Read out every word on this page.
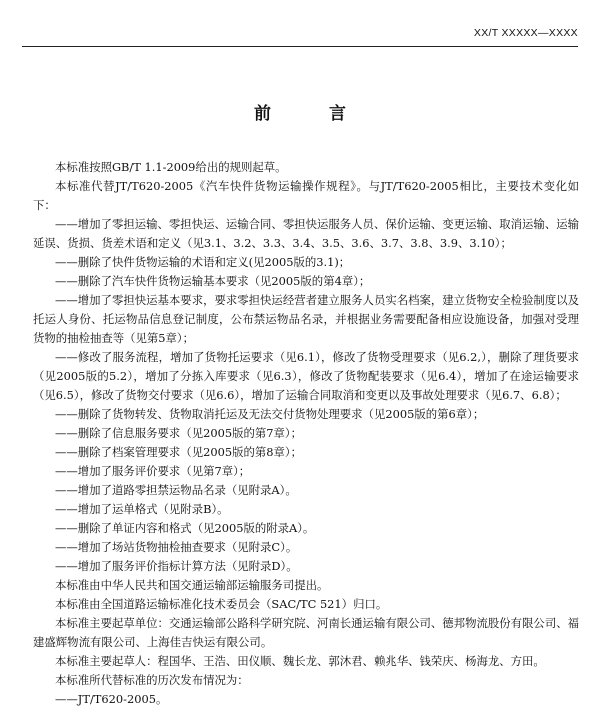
XX/T XXXXX—XXXX
前 言

本标准按照GB/T 1.1-2009给出的规则起草。

本标准代替JT/T620-2005《汽车快件货物运输操作规程》。与JT/T620-2005相比，主要技术变化如下：

——增加了零担运输、零担快运、运输合同、零担快运服务人员、保价运输、变更运输、取消运输、运输延误、货损、货差术语和定义（见3.1、3.2、3.3、3.4、3.5、3.6、3.7、3.8、3.9、3.10）；

——删除了快件货物运输的术语和定义(见2005版的3.1)；

——删除了汽车快件货物运输基本要求（见2005版的第4章）；

——增加了零担快运基本要求，要求零担快运经营者建立服务人员实名档案，建立货物安全检验制度以及托运人身份、托运物品信息登记制度，公布禁运物品名录，并根据业务需要配备相应设施设备，加强对受理货物的抽检抽查等（见第5章）；

——修改了服务流程，增加了货物托运要求（见6.1），修改了货物受理要求（见6.2,），删除了理货要求（见2005版的5.2），增加了分拣入库要求（见6.3），修改了货物配装要求（见6.4），增加了在途运输要求（见6.5），修改了货物交付要求（见6.6），增加了运输合同取消和变更以及事故处理要求（见6.7、6.8）；

——删除了货物转发、货物取消托运及无法交付货物处理要求（见2005版的第6章）；

——删除了信息服务要求（见2005版的第7章）；

——删除了档案管理要求（见2005版的第8章）；

——增加了服务评价要求（见第7章）；

——增加了道路零担禁运物品名录（见附录A）。

——增加了运单格式（见附录B）。

——删除了单证内容和格式（见2005版的附录A）。

——增加了场站货物抽检抽查要求（见附录C）。

——增加了服务评价指标计算方法（见附录D）。

本标准由中华人民共和国交通运输部运输服务司提出。

本标准由全国道路运输标准化技术委员会（SAC/TC 521）归口。

本标准主要起草单位：交通运输部公路科学研究院、河南长通运输有限公司、德邦物流股份有限公司、福建盛辉物流有限公司、上海佳吉快运有限公司。

本标准主要起草人：程国华、王浩、田仪顺、魏长龙、郭沐君、赖兆华、钱荣庆、杨海龙、方田。

本标准所代替标准的历次发布情况为：

——JT/T620-2005。
